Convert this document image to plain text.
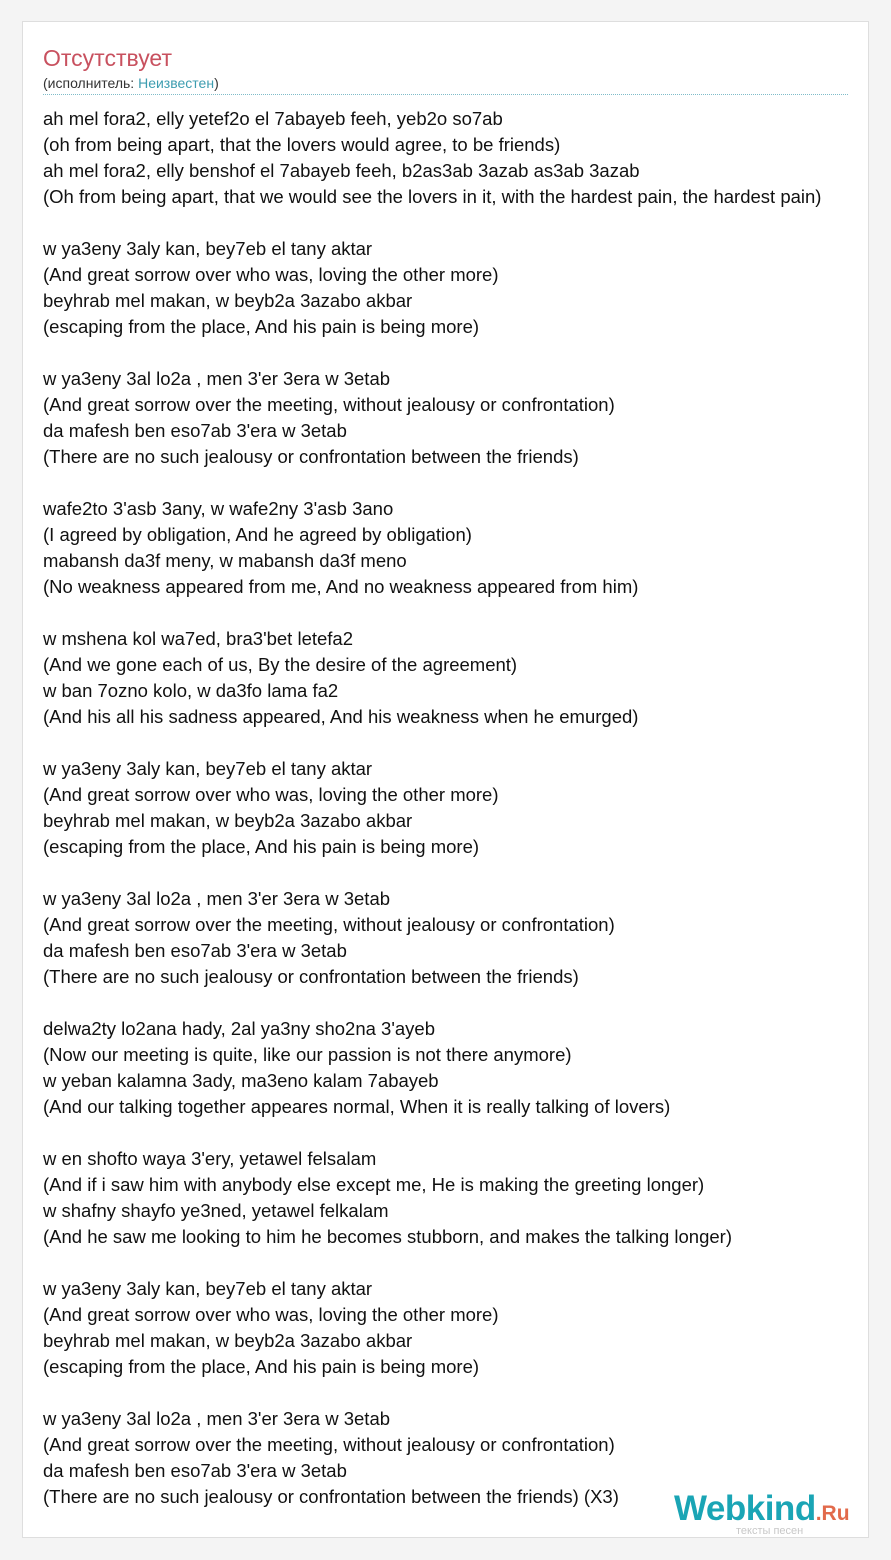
Отсутствует
(исполнитель: Неизвестен)
ah mel fora2, elly yetef2o el 7abayeb feeh, yeb2o so7ab
(oh from being apart, that the lovers would agree, to be friends)
ah mel fora2, elly benshof el 7abayeb feeh, b2as3ab 3azab as3ab 3azab
(Oh from being apart, that we would see the lovers in it, with the hardest pain, the hardest pain)
w ya3eny 3aly kan, bey7eb el tany aktar
(And great sorrow over who was, loving the other more)
beyhrab mel makan, w beyb2a 3azabo akbar
(escaping from the place, And his pain is being more)
w ya3eny 3al lo2a , men 3'er 3era w 3etab
(And great sorrow over the meeting, without jealousy or confrontation)
da mafesh ben eso7ab 3'era w 3etab
(There are no such jealousy or confrontation between the friends)
wafe2to 3'asb 3any, w wafe2ny 3'asb 3ano
(I agreed by obligation, And he agreed by obligation)
mabansh da3f meny, w mabansh da3f meno
(No weakness appeared from me, And no weakness appeared from him)
w mshena kol wa7ed, bra3'bet letefa2
(And we gone each of us, By the desire of the agreement)
w ban 7ozno kolo, w da3fo lama fa2
(And his all his sadness appeared, And his weakness when he emurged)
w ya3eny 3aly kan, bey7eb el tany aktar
(And great sorrow over who was, loving the other more)
beyhrab mel makan, w beyb2a 3azabo akbar
(escaping from the place, And his pain is being more)
w ya3eny 3al lo2a , men 3'er 3era w 3etab
(And great sorrow over the meeting, without jealousy or confrontation)
da mafesh ben eso7ab 3'era w 3etab
(There are no such jealousy or confrontation between the friends)
delwa2ty lo2ana hady, 2al ya3ny sho2na 3'ayeb
(Now our meeting is quite, like our passion is not there anymore)
w yeban kalamna 3ady, ma3eno kalam 7abayeb
(And our talking together appeares normal, When it is really talking of lovers)
w en shofto waya 3'ery, yetawel felsalam
(And if i saw him with anybody else except me, He is making the greeting longer)
w shafny shayfo ye3ned, yetawel felkalam
(And he saw me looking to him he becomes stubborn, and makes the talking longer)
w ya3eny 3aly kan, bey7eb el tany aktar
(And great sorrow over who was, loving the other more)
beyhrab mel makan, w beyb2a 3azabo akbar
(escaping from the place, And his pain is being more)
w ya3eny 3al lo2a , men 3'er 3era w 3etab
(And great sorrow over the meeting, without jealousy or confrontation)
da mafesh ben eso7ab 3'era w 3etab
(There are no such jealousy or confrontation between the friends) (X3)	Webkind.Ru
тексты песен
